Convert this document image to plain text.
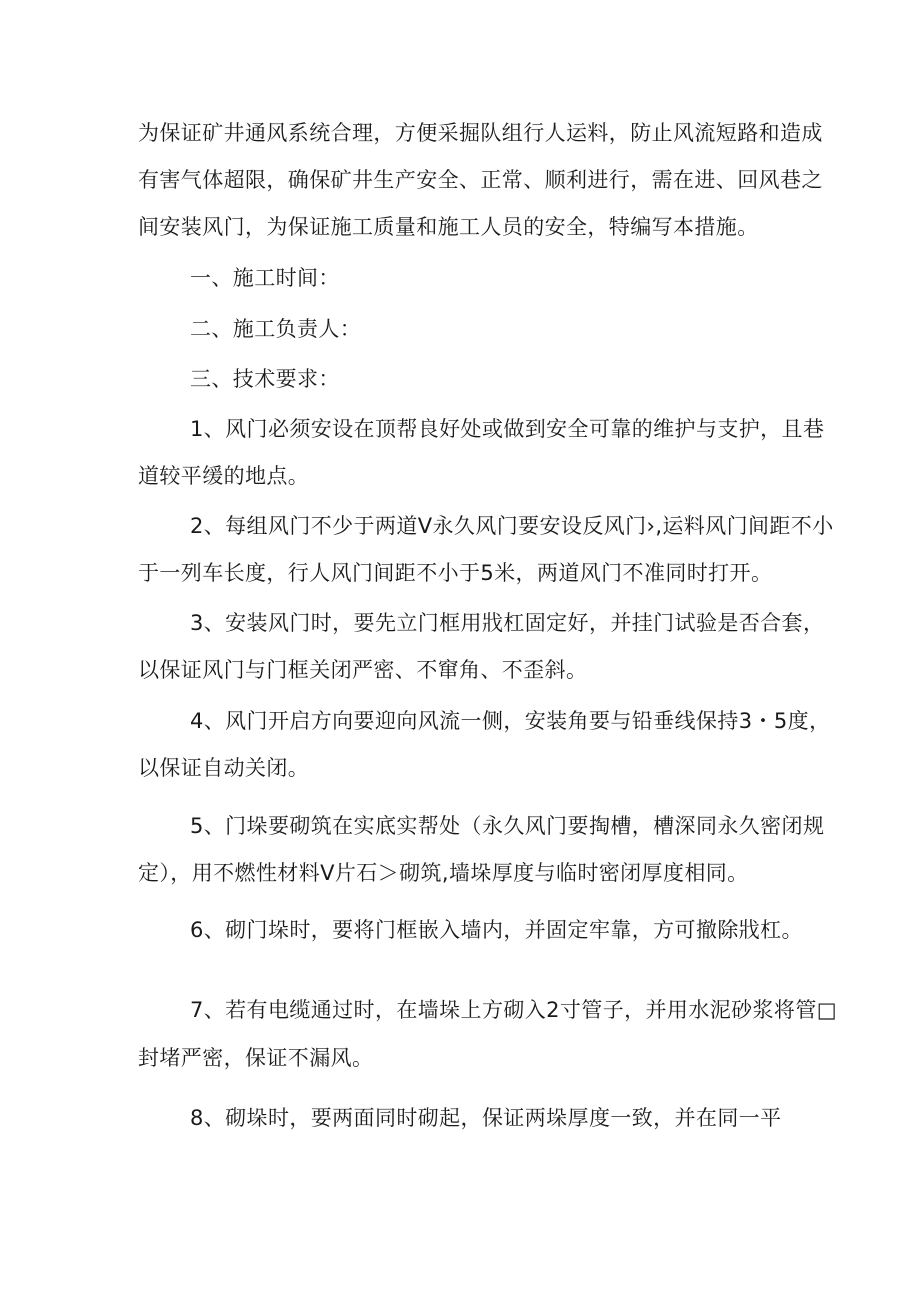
为保证矿井通风系统合理，方便采掘队组行人运料，防止风流短路和造成
有害气体超限，确保矿井生产安全、正常、顺利进行，需在进、回风巷之
间安装风门，为保证施工质量和施工人员的安全，特编写本措施。
一、施工时间：
二、施工负责人：
三、技术要求：
1、风门必须安设在顶帮良好处或做到安全可靠的维护与支护，且巷
道较平缓的地点。
2、每组风门不少于两道V永久风门要安设反风门›,运料风门间距不小
于一列车长度，行人风门间距不小于5米，两道风门不准同时打开。
3、安装风门时，要先立门框用戕杠固定好，并挂门试验是否合套，
以保证风门与门框关闭严密、不窜角、不歪斜。
4、风门开启方向要迎向风流一侧，安装角要与铅垂线保持3・5度，
以保证自动关闭。
5、门垛要砌筑在实底实帮处（永久风门要掏槽，槽深同永久密闭规
定），用不燃性材料V片石＞砌筑,墙垛厚度与临时密闭厚度相同。
6、砌门垛时，要将门框嵌入墙内，并固定牢靠，方可撤除戕杠。
7、若有电缆通过时，在墙垛上方砌入2寸管子，并用水泥砂浆将管□
封堵严密，保证不漏风。
8、砌垛时，要两面同时砌起，保证两垛厚度一致，并在同一平
